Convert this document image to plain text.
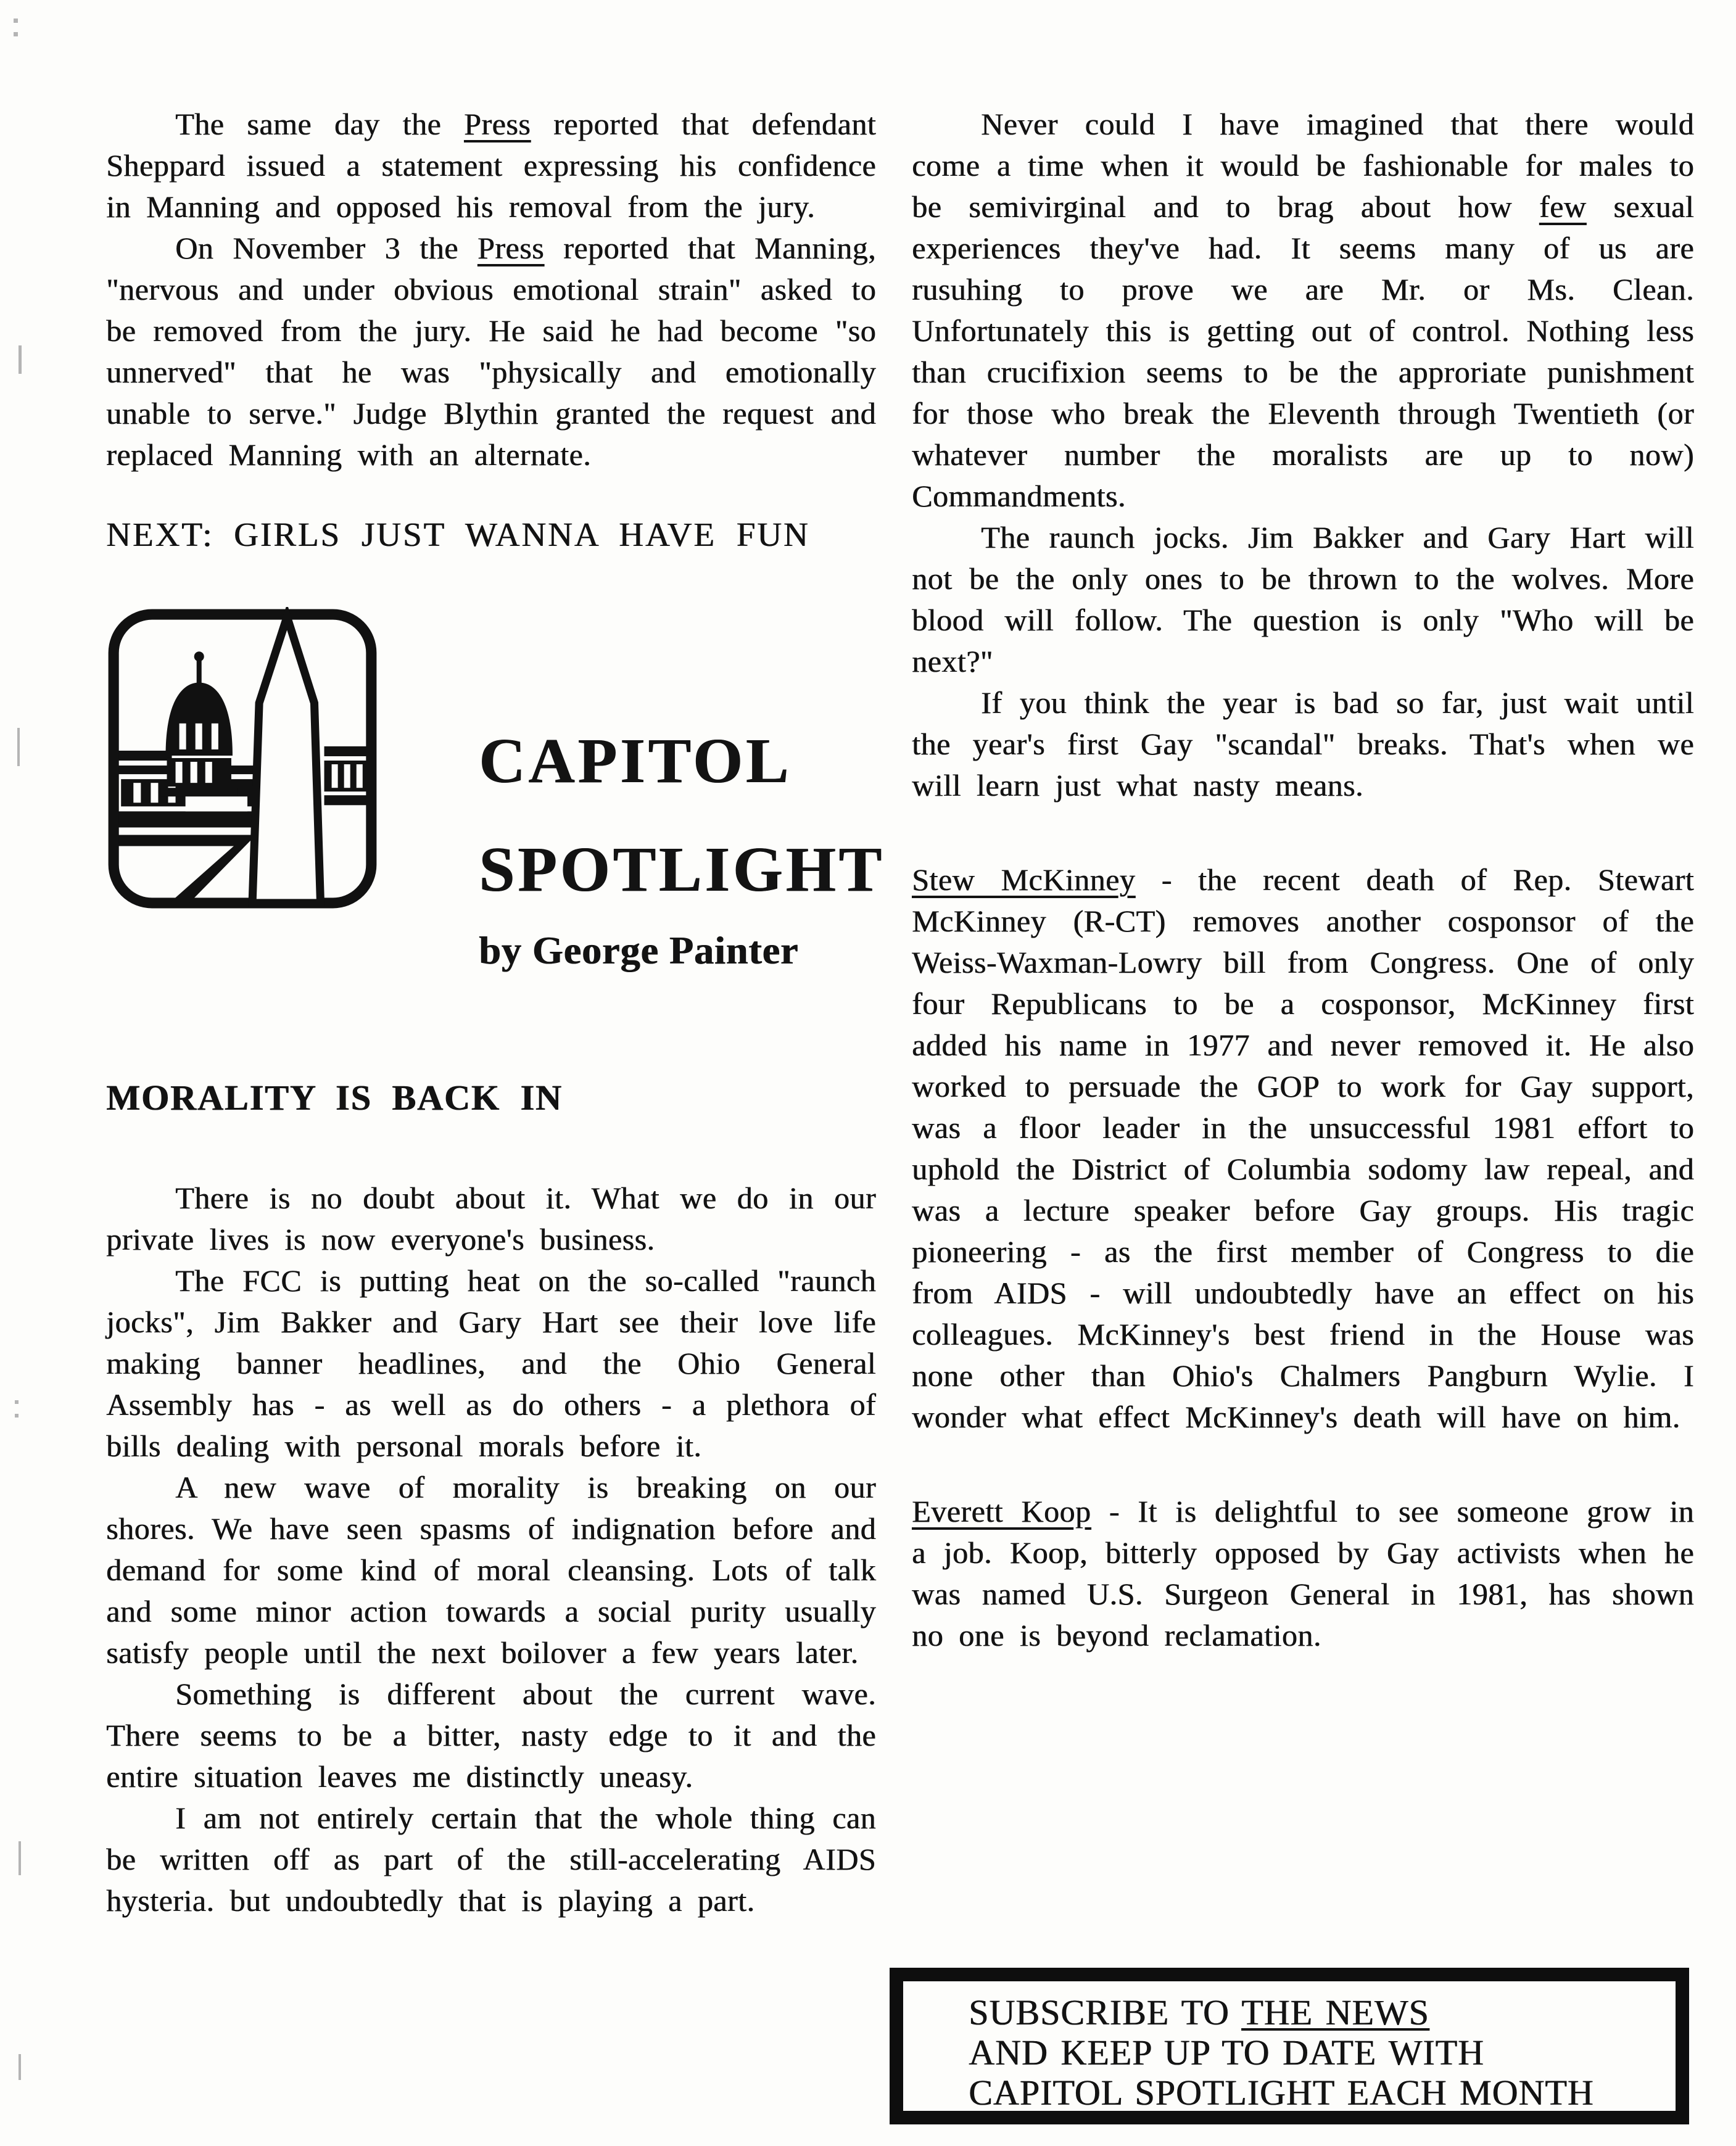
The same day the Press reported that defendant Sheppard issued a statement expressing his confidence in Manning and opposed his removal from the jury.

On November 3 the Press reported that Manning, "nervous and under obvious emotional strain" asked to be removed from the jury. He said he had become "so unnerved" that he was "physically and emotionally unable to serve." Judge Blythin granted the request and replaced Manning with an alternate.

NEXT: GIRLS JUST WANNA HAVE FUN
CAPITOL
SPOTLIGHT
by George Painter
MORALITY IS BACK IN

There is no doubt about it. What we do in our private lives is now everyone's business.

The FCC is putting heat on the so-called "raunch jocks", Jim Bakker and Gary Hart see their love life making banner headlines, and the Ohio General Assembly has - as well as do others - a plethora of bills dealing with personal morals before it.

A new wave of morality is breaking on our shores. We have seen spasms of indignation before and demand for some kind of moral cleansing. Lots of talk and some minor action towards a social purity usually satisfy people until the next boilover a few years later.

Something is different about the current wave. There seems to be a bitter, nasty edge to it and the entire situation leaves me distinctly uneasy.

I am not entirely certain that the whole thing can be written off as part of the still-accelerating AIDS hysteria. but undoubtedly that is playing a part.

Never could I have imagined that there would come a time when it would be fashionable for males to be semivirginal and to brag about how few sexual experiences they've had. It seems many of us are rusuhing to prove we are Mr. or Ms. Clean. Unfortunately this is getting out of control. Nothing less than crucifixion seems to be the approriate punishment for those who break the Eleventh through Twentieth (or whatever number the moralists are up to now) Commandments.

The raunch jocks. Jim Bakker and Gary Hart will not be the only ones to be thrown to the wolves. More blood will follow. The question is only "Who will be next?"

If you think the year is bad so far, just wait until the year's first Gay "scandal" breaks. That's when we will learn just what nasty means.

Stew McKinney - the recent death of Rep. Stewart McKinney (R-CT) removes another cosponsor of the Weiss-Waxman-Lowry bill from Congress. One of only four Republicans to be a cosponsor, McKinney first added his name in 1977 and never removed it. He also worked to persuade the GOP to work for Gay support, was a floor leader in the unsuccessful 1981 effort to uphold the District of Columbia sodomy law repeal, and was a lecture speaker before Gay groups. His tragic pioneering - as the first member of Congress to die from AIDS - will undoubtedly have an effect on his colleagues. McKinney's best friend in the House was none other than Ohio's Chalmers Pangburn Wylie. I wonder what effect McKinney's death will have on him.

Everett Koop - It is delightful to see someone grow in a job. Koop, bitterly opposed by Gay activists when he was named U.S. Surgeon General in 1981, has shown no one is beyond reclamation.

SUBSCRIBE TO THE NEWS
AND KEEP UP TO DATE WITH
CAPITOL SPOTLIGHT EACH MONTH
